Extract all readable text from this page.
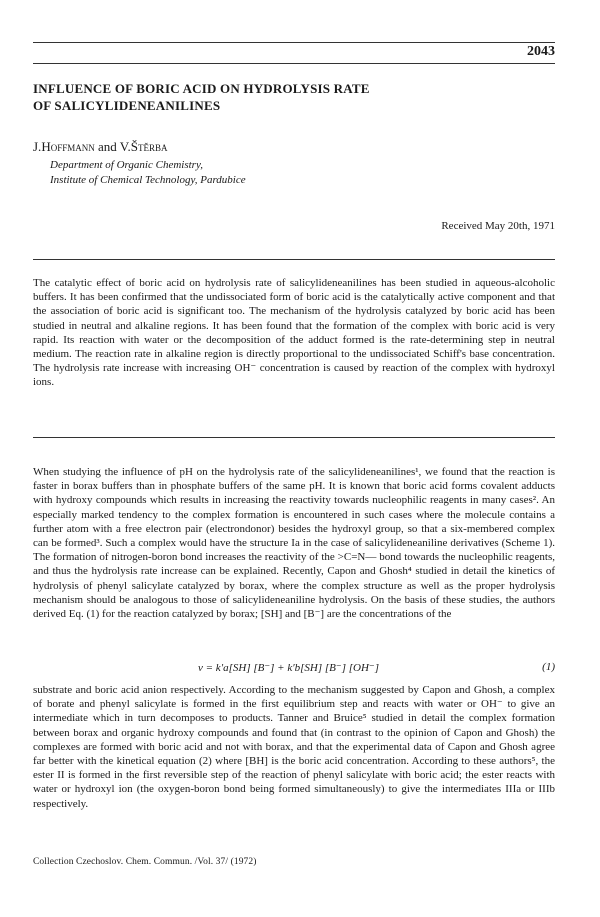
2043
INFLUENCE OF BORIC ACID ON HYDROLYSIS RATE
OF SALICYLIDENEANILINES
J.Hoffmann and V.Štěrba
Department of Organic Chemistry,
Institute of Chemical Technology, Pardubice
Received May 20th, 1971
The catalytic effect of boric acid on hydrolysis rate of salicylideneanilines has been studied in aqueous-alcoholic buffers. It has been confirmed that the undissociated form of boric acid is the catalytically active component and that the association of boric acid is significant too. The mechanism of the hydrolysis catalyzed by boric acid has been studied in neutral and alkaline regions. It has been found that the formation of the complex with boric acid is very rapid. Its reaction with water or the decomposition of the adduct formed is the rate-determining step in neutral medium. The reaction rate in alkaline region is directly proportional to the undissociated Schiff's base concentration. The hydrolysis rate increase with increasing OH⁻ concentration is caused by reaction of the complex with hydroxyl ions.

When studying the influence of pH on the hydrolysis rate of the salicylideneanilines¹, we found that the reaction is faster in borax buffers than in phosphate buffers of the same pH. It is known that boric acid forms covalent adducts with hydroxy compounds which results in increasing the reactivity towards nucleophilic reagents in many cases². An especially marked tendency to the complex formation is encountered in such cases where the molecule contains a further atom with a free electron pair (electrondonor) besides the hydroxyl group, so that a six-membered complex can be formed³. Such a complex would have the structure Ia in the case of salicylideneaniline derivatives (Scheme 1). The formation of nitrogen-boron bond increases the reactivity of the >C=N— bond towards the nucleophilic reagents, and thus the hydrolysis rate increase can be explained. Recently, Capon and Ghosh⁴ studied in detail the kinetics of hydrolysis of phenyl salicylate catalyzed by borax, where the complex structure as well as the proper hydrolysis mechanism should be analogous to those of salicylideneaniline hydrolysis. On the basis of these studies, the authors derived Eq. (1) for the reaction catalyzed by borax; [SH] and [B⁻] are the concentrations of the

v = k′a[SH] [B⁻] + k′b[SH] [B⁻] [OH⁻]	(1)
substrate and boric acid anion respectively. According to the mechanism suggested by Capon and Ghosh, a complex of borate and phenyl salicylate is formed in the first equilibrium step and reacts with water or OH⁻ to give an intermediate which in turn decomposes to products. Tanner and Bruice⁵ studied in detail the complex formation between borax and organic hydroxy compounds and found that (in contrast to the opinion of Capon and Ghosh) the complexes are formed with boric acid and not with borax, and that the experimental data of Capon and Ghosh agree far better with the kinetical equation (2) where [BH] is the boric acid concentration. According to these authors⁵, the ester II is formed in the first reversible step of the reaction of phenyl salicylate with boric acid; the ester reacts with water or hydroxyl ion (the oxygen-boron bond being formed simultaneously) to give the intermediates IIIa or IIIb respectively.
Collection Czechoslov. Chem. Commun. /Vol. 37/ (1972)
